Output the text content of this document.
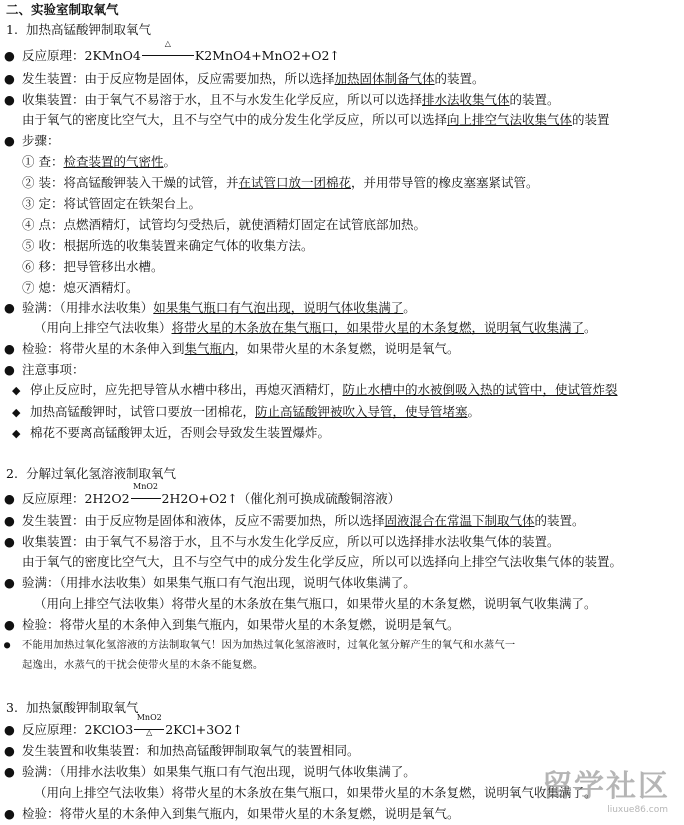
二、实验室制取氧气
1. 加热高锰酸钾制取氧气
● 反应原理：2KMnO4
△
K2MnO4+MnO2+O2↑
● 发生装置：由于反应物是固体，反应需要加热，所以选择加热固体制备气体的装置。
● 收集装置：由于氧气不易溶于水，且不与水发生化学反应，所以可以选择排水法收集气体的装置。
由于氧气的密度比空气大，且不与空气中的成分发生化学反应，所以可以选择向上排空气法收集气体的装置
● 步骤：
① 查：检查装置的气密性。
② 装：将高锰酸钾装入干燥的试管，并在试管口放一团棉花，并用带导管的橡皮塞塞紧试管。
③ 定：将试管固定在铁架台上。
④ 点：点燃酒精灯，试管均匀受热后，就使酒精灯固定在试管底部加热。
⑤ 收：根据所选的收集装置来确定气体的收集方法。
⑥ 移：把导管移出水槽。
⑦ 熄：熄灭酒精灯。
● 验满：（用排水法收集）如果集气瓶口有气泡出现，说明气体收集满了。
（用向上排空气法收集）将带火星的木条放在集气瓶口，如果带火星的木条复燃，说明氧气收集满了。
● 检验：将带火星的木条伸入到集气瓶内，如果带火星的木条复燃，说明是氧气。
● 注意事项：
◆ 停止反应时，应先把导管从水槽中移出，再熄灭酒精灯，防止水槽中的水被倒吸入热的试管中，使试管炸裂
◆ 加热高锰酸钾时，试管口要放一团棉花，防止高锰酸钾被吹入导管，使导管堵塞。
◆ 棉花不要离高锰酸钾太近，否则会导致发生装置爆炸。
2. 分解过氧化氢溶液制取氧气
● 反应原理：2H2O2
MnO2
2H2O+O2↑（催化剂可换成硫酸铜溶液）
● 发生装置：由于反应物是固体和液体，反应不需要加热，所以选择固液混合在常温下制取气体的装置。
● 收集装置：由于氧气不易溶于水，且不与水发生化学反应，所以可以选择排水法收集气体的装置。
由于氧气的密度比空气大，且不与空气中的成分发生化学反应，所以可以选择向上排空气法收集气体的装置。
● 验满：（用排水法收集）如果集气瓶口有气泡出现，说明气体收集满了。
（用向上排空气法收集）将带火星的木条放在集气瓶口，如果带火星的木条复燃，说明氧气收集满了。
● 检验：将带火星的木条伸入到集气瓶内，如果带火星的木条复燃，说明是氧气。
● 不能用加热过氧化氢溶液的方法制取氧气！因为加热过氧化氢溶液时，过氧化氢分解产生的氧气和水蒸气一
起逸出，水蒸气的干扰会使带火星的木条不能复燃。
3. 加热氯酸钾制取氧气
● 反应原理：2KClO3
MnO2
△	2KCl+3O2↑
● 发生装置和收集装置：和加热高锰酸钾制取氧气的装置相同。
● 验满：（用排水法收集）如果集气瓶口有气泡出现，说明气体收集满了。
（用向上排空气法收集）将带火星的木条放在集气瓶口，如果带火星的木条复燃，说明氧气收集满了。
● 检验：将带火星的木条伸入到集气瓶内，如果带火星的木条复燃，说明是氧气。
留学社区
liuxue86.com
